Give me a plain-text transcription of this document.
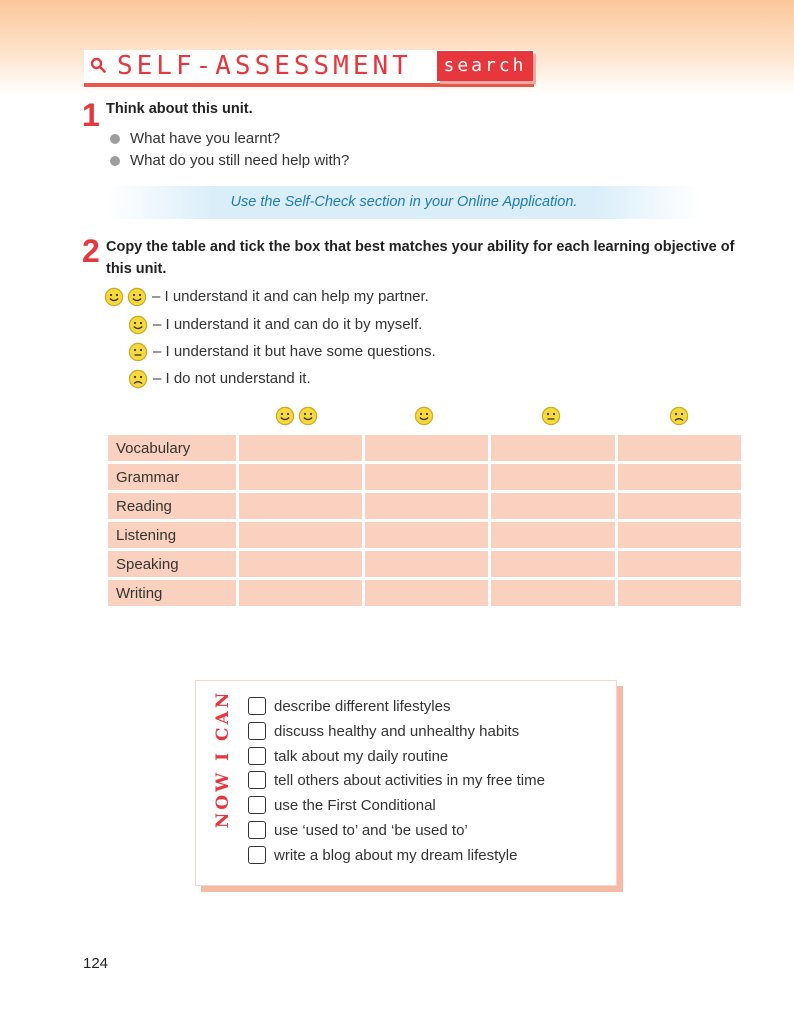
SELF-ASSESSMENT	search
1 Think about this unit.
What have you learnt?
What do you still need help with?
Use the Self-Check section in your Online Application.
2 Copy the table and tick the box that best matches your ability for each learning objective of this unit.
– I understand it and can help my partner.
– I understand it and can do it by myself.
– I understand it but have some questions.
– I do not understand it.
Vocabulary				
Grammar				
Reading				
Listening				
Speaking				
Writing				
NOW I CAN	describe different lifestyles
discuss healthy and unhealthy habits
talk about my daily routine
tell others about activities in my free time
use the First Conditional
use ‘used to’ and ‘be used to’
write a blog about my dream lifestyle
124
